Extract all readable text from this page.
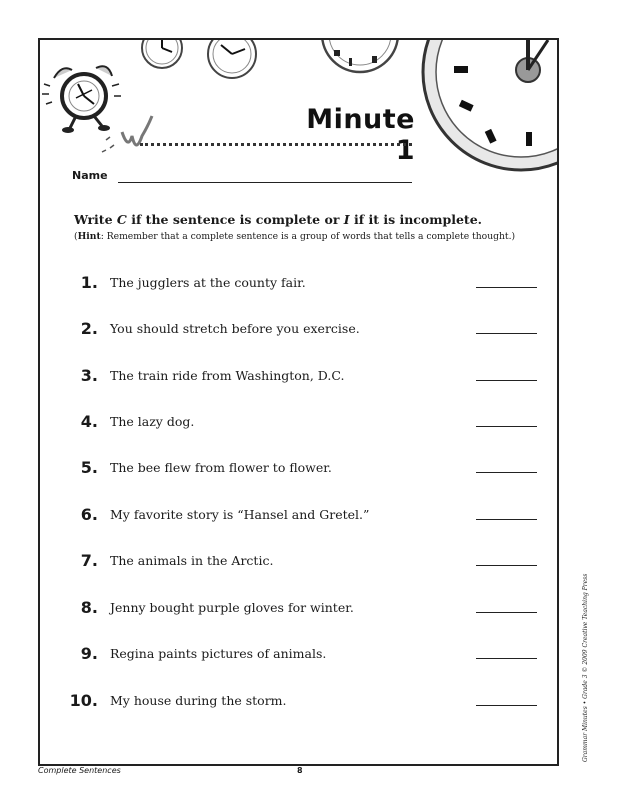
Minute 1
Name
Write C if the sentence is complete or I if it is incomplete.
(Hint: Remember that a complete sentence is a group of words that tells a complete thought.)
1. The jugglers at the county fair.
2. You should stretch before you exercise.
3. The train ride from Washington, D.C.
4. The lazy dog.
5. The bee flew from flower to flower.
6. My favorite story is “Hansel and Gretel.”
7. The animals in the Arctic.
8. Jenny bought purple gloves for winter.
9. Regina paints pictures of animals.
10. My house during the storm.
Complete Sentences	8
Grammar Minutes • Grade 3 © 2009 Creative Teaching Press
